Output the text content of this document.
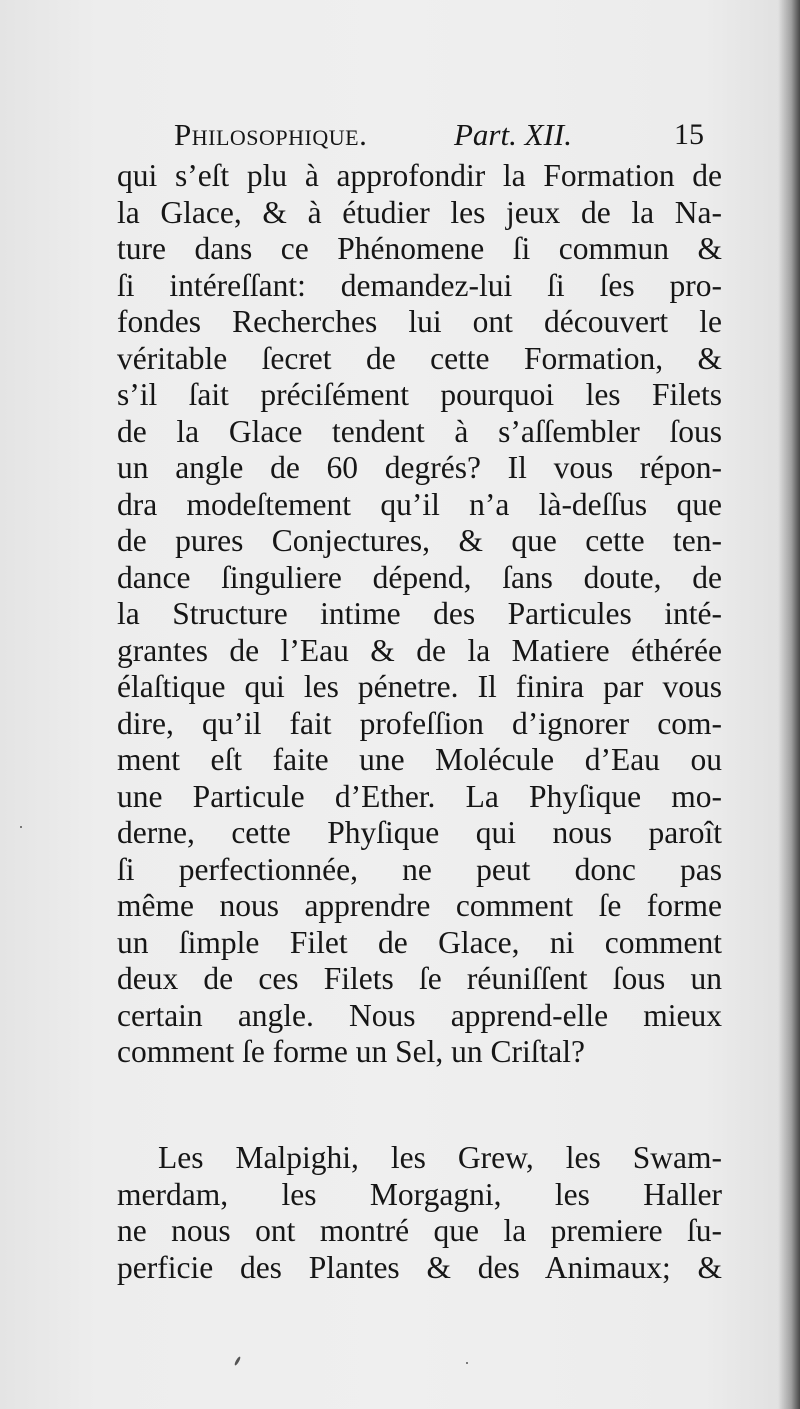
Philosophique.	Part. XII.	15
qui s’eſt plu à approfondir la Formation de
la Glace, & à étudier les jeux de la Na-
ture dans ce Phénomene ſi commun &
ſi intéreſſant: demandez-lui ſi ſes pro-
fondes Recherches lui ont découvert le
véritable ſecret de cette Formation, &
s’il ſait préciſément pourquoi les Filets
de la Glace tendent à s’aſſembler ſous
un angle de 60 degrés? Il vous répon-
dra modeſtement qu’il n’a là-deſſus que
de pures Conjectures, & que cette ten-
dance ſinguliere dépend, ſans doute, de
la Structure intime des Particules inté-
grantes de l’Eau & de la Matiere éthérée
élaſtique qui les pénetre. Il finira par vous
dire, qu’il fait profeſſion d’ignorer com-
ment eſt faite une Molécule d’Eau ou
une Particule d’Ether. La Phyſique mo-
derne, cette Phyſique qui nous paroît
ſi perfectionnée, ne peut donc pas
même nous apprendre comment ſe forme
un ſimple Filet de Glace, ni comment
deux de ces Filets ſe réuniſſent ſous un
certain angle. Nous apprend-elle mieux
comment ſe forme un Sel, un Criſtal?
Les Malpighi, les Grew, les Swam-
merdam, les Morgagni, les Haller
ne nous ont montré que la premiere ſu-
perficie des Plantes & des Animaux; &
